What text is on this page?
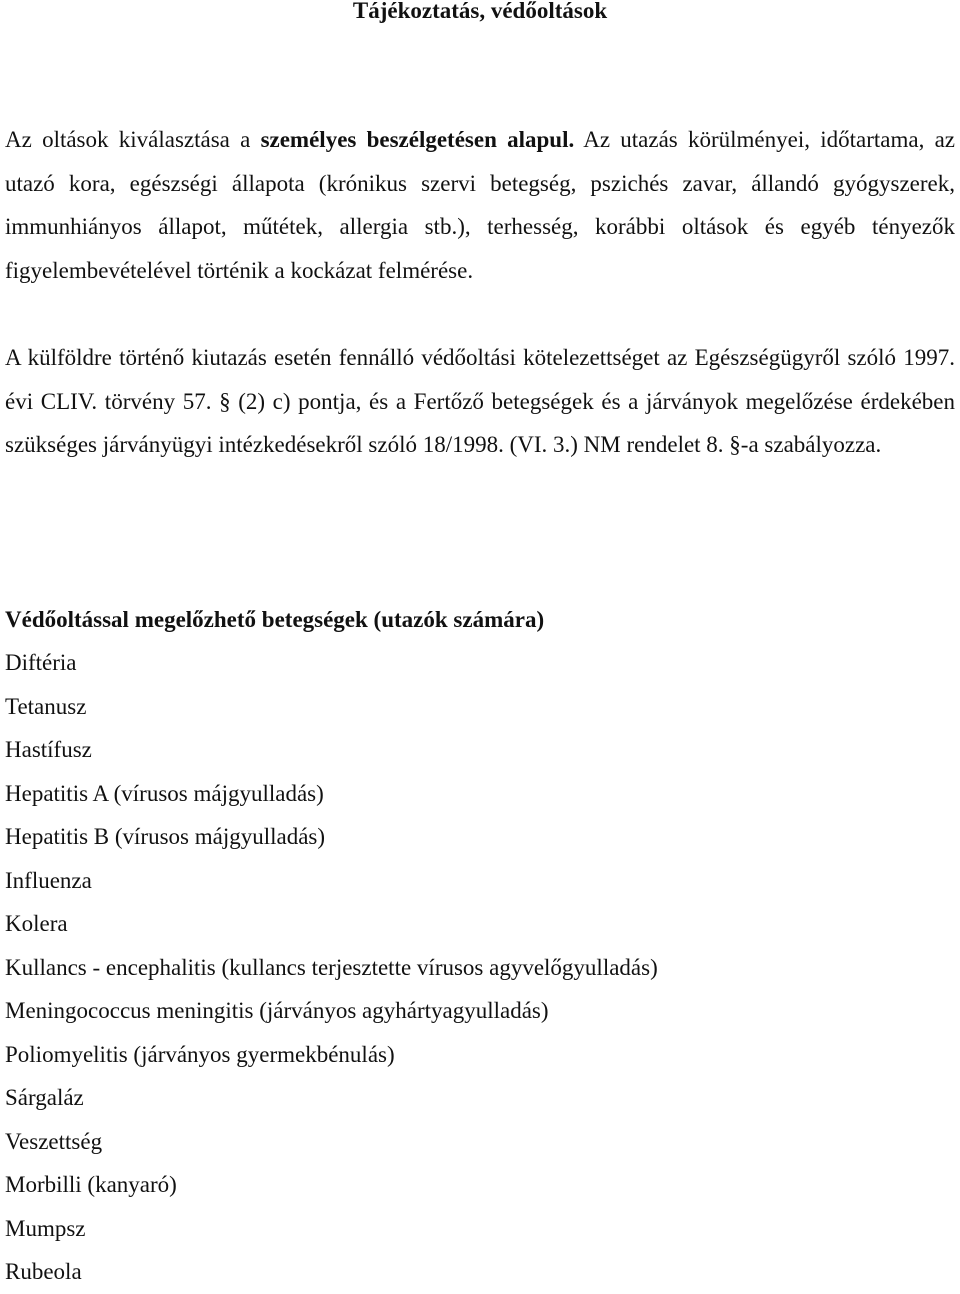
Tájékoztatás, védőoltások

Az oltások kiválasztása a személyes beszélgetésen alapul. Az utazás körülményei, időtartama, az utazó kora, egészségi állapota (krónikus szervi betegség, pszichés zavar, állandó gyógyszerek, immunhiányos állapot, műtétek, allergia stb.), terhesség, korábbi oltások és egyéb tényezők figyelembevételével történik a kockázat felmérése.

A külföldre történő kiutazás esetén fennálló védőoltási kötelezettséget az Egészségügyről szóló 1997. évi CLIV. törvény 57. § (2) c) pontja, és a Fertőző betegségek és a járványok megelőzése érdekében szükséges járványügyi intézkedésekről szóló 18/1998. (VI. 3.) NM rendelet 8. §-a szabályozza.

Védőoltással megelőzhető betegségek (utazók számára)
Diftéria
Tetanusz
Hastífusz
Hepatitis A (vírusos májgyulladás)
Hepatitis B (vírusos májgyulladás)
Influenza
Kolera
Kullancs - encephalitis (kullancs terjesztette vírusos agyvelőgyulladás)
Meningococcus meningitis (járványos agyhártyagyulladás)
Poliomyelitis (járványos gyermekbénulás)
Sárgaláz
Veszettség
Morbilli (kanyaró)
Mumpsz
Rubeola
